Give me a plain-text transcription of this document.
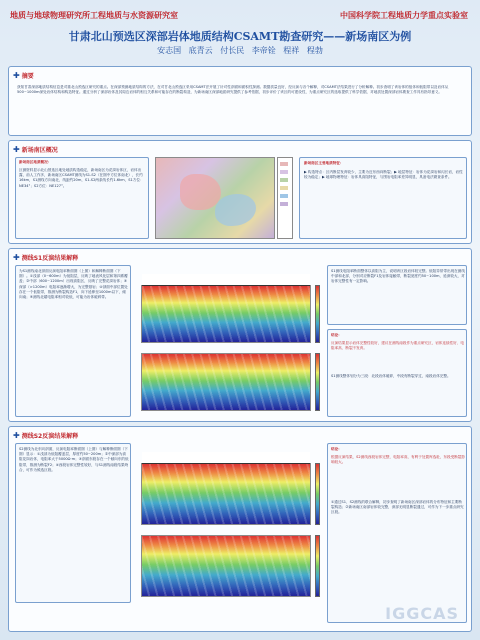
地质与地球物理研究所工程地质与水资源研究室	中国科学院工程地质力学重点实验室
甘肃北山预选区深部岩体地质结构CSAMT勘查研究——新场南区为例
安志国 底青云 付长民 李帝铨 程祥 程勃
✚ 摘要
获知甘肃深部地质结构信息是对重北山预选区研究的重点。在深部预测地质结构的方法，在对甘北山预选区采用CSAMT法开展了针对性剖面和面积性探测。数据质量良好，经反演与各个解释，对CSAMT法结果进行了分析解释。初步查明了该岩体的组体和低阻带以及岩体从500~1000m深处岩体结构和构造特征。通过分析了深部岩体及其周边岩体的相互关系和可能存在的断裂构造，为新场南区深部地质研究提供了参考依据，初步评价了该区的可建设性，为重点研究区的选取提供了科学依据，对地质处置深部岩体勘查工作具有指导意义。
✚ 新场南区概况
新场南区地质概况：
区测资料显示北山预选区地处地质构造稳定，新场南区为花岗岩体区，岩体出露，前人工作多，新场南区CSAMT测线为S1-S2（在图中方位体南北），长约16km，S1测线方向南北，线距约20m，S1-S2两条线长约1.6km，S1方位：NE34°；S2方位：NE127°。
新场南区主要地质特征：
▶ 构造特点：区内断层发育较少，主要为近东西向断裂；▶ 地层特征：岩体为花岗岩和闪长岩，岩性较为稳定；▶ 地球物理特征：岩体具高阻特征，与围岩电阻率差异明显，具备电法勘查条件。
✚ 测线S1反演结果解释
为S1测线南北剖面反演电阻率断面图（上图）和解释断面图（下图）。①浅部（0~600m）为低阻层，反映了地表风化层和第四系覆盖；②中部（600~1200m）出现高阻区，反映了完整花岗岩体；③深部（>1200m）电阻率逐渐增大，为完整基岩；④剖面中部位置处存在一个低阻带，推测为断裂构造F1，向下延伸至1000m以下，倾向南；⑤测线北端电阻率相对较低，可能为岩体破碎带。
S1测线电阻率断面整体以高阻为主，说明该区段岩体较完整。低阻异常带出现在测线中部和北部，分别对应断裂F1及岩体接触带，断裂宽度约50~100m，延深较大，对岩体完整性有一定影响。
结论：
反演结果显示岩体完整性较好，建议在测线南段作为重点研究区，岩体连续性好、电阻率高、断裂不发育。
S1测线整体划分为三段：北段岩体破碎，中段有断裂穿过，南段岩体完整。
✚ 测线S2反演结果解释
S2测线为北东向剖面，反演电阻率断面图（上图）与解释断面图（下图）显示：①浅部为低阻覆盖层，厚度约50~200m；②中深部为高阻花岗岩体，电阻率大于5000Ω·m；③剖面东段存在一个倾向东的低阻带，推测为断裂F2；④西段岩体完整性较好，与S1测线南段结果吻合，可作为候选区段。
结论：
根据反演结果，S2测线西段岩体完整，电阻率高，有利于处置库选址，东段受断裂影响较大。
①通过S1、S2测线的联合解释，初步查明了新场南区深部岩体的分布特征和主要断裂构造；②新场南区南部岩体较完整，深部无明显断裂通过，可作为下一步重点研究区段。
IGGCAS
